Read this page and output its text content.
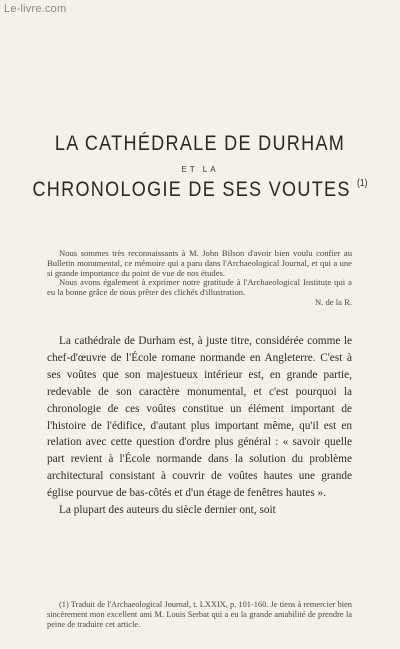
Le-livre.com
LA CATHÉDRALE DE DURHAM
ET LA
CHRONOLOGIE DE SES VOUTES $^{(1)}$

Nous sommes très reconnaissants à M. John Bilson d'avoir bien voulu confier au Bulletin monumental, ce mémoire qui a paru dans l'Archaeological Journal, et qui a une si grande importance du point de vue de nos études.

Nous avons également à exprimer notre gratitude à l'Archaeological Institute qui a eu la bonne grâce de nous prêter des clichés d'illustration.

N. de la R.

La cathédrale de Durham est, à juste titre, considérée comme le chef-d'œuvre de l'École romane normande en Angleterre. C'est à ses voûtes que son majestueux intérieur est, en grande partie, redevable de son caractère monumental, et c'est pourquoi la chronologie de ces voûtes constitue un élément important de l'histoire de l'édifice, d'autant plus important même, qu'il est en relation avec cette question d'ordre plus général : « savoir quelle part revient à l'École normande dans la solution du problème architectural consistant à couvrir de voûtes hautes une grande église pourvue de bas-côtés et d'un étage de fenêtres hautes ».

La plupart des auteurs du siècle dernier ont, soit

(1) Traduit de l'Archaeological Journal, t. LXXIX, p. 101-160. Je tiens à remercier bien sincèrement mon excellent ami M. Louis Serbat qui a eu la grande amabilité de prendre la peine de traduire cet article.
